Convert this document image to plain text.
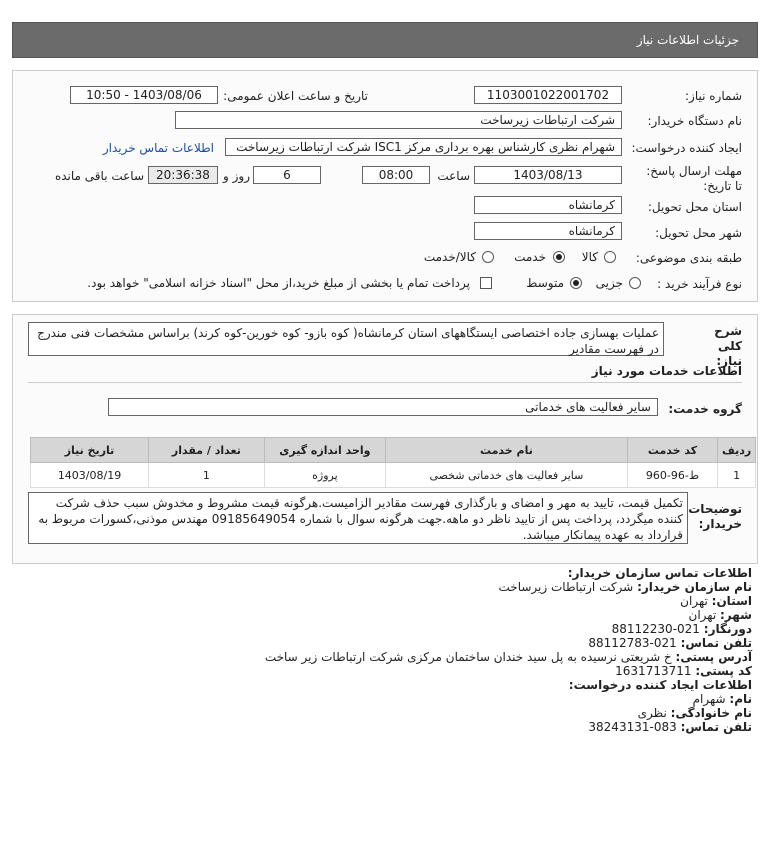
جزئیات اطلاعات نیاز
شماره نیاز:
1103001022001702
تاریخ و ساعت اعلان عمومی:
1403/08/06 - 10:50
نام دستگاه خریدار:
شرکت ارتباطات زیرساخت
ایجاد کننده درخواست:
شهرام نظری کارشناس بهره برداری مرکز ISC1 شرکت ارتباطات زیرساخت
اطلاعات تماس خریدار
مهلت ارسال پاسخ: تا تاریخ:
1403/08/13
ساعت
08:00
6
روز و
20:36:38
ساعت باقی مانده
استان محل تحویل:
کرمانشاه
شهر محل تحویل:
کرمانشاه
طبقه بندی موضوعی:
کالا
خدمت
کالا/خدمت
نوع فرآیند خرید :
جزیی
متوسط
پرداخت تمام یا بخشی از مبلغ خرید،از محل "اسناد خزانه اسلامی" خواهد بود.
شرح کلی نیاز:
عملیات بهسازی جاده اختصاصی ایستگاههای استان کرمانشاه( کوه بازو- کوه خورین-کوه کرند) براساس مشخصات فنی مندرج در فهرست مقادیر
اطلاعات خدمات مورد نیاز
گروه خدمت:
سایر فعالیت های خدماتی
ردیف	کد خدمت	نام خدمت	واحد اندازه گیری	تعداد / مقدار	تاریخ نیاز
1	ط-96-960	سایر فعالیت های خدماتی شخصی	پروژه	1	1403/08/19
توضیحات خریدار:
تکمیل قیمت، تایید به مهر و امضای و بارگذاری فهرست مقادیر الزامیست.هرگونه قیمت مشروط و مخدوش سبب حذف شرکت کننده میگردد، پرداخت پس از تایید ناظر دو ماهه.جهت هرگونه سوال با شماره 09185649054 مهندس موذنی،کسورات مربوط به قرارداد به عهده پیمانکار میباشد.
اطلاعات تماس سازمان خریدار:
نام سازمان خریدار: شرکت ارتباطات زیرساخت
استان: تهران
شهر: تهران
دورنگار: 021-88112230
تلفن تماس: 021-88112783
آدرس پستی: خ شریعتی نرسیده به پل سید خندان ساختمان مرکزی شرکت ارتباطات زیر ساخت
کد پستی: 1631713711
اطلاعات ایجاد کننده درخواست:
نام: شهرام
نام خانوادگی: نظری
تلفن تماس: 083-38243131
